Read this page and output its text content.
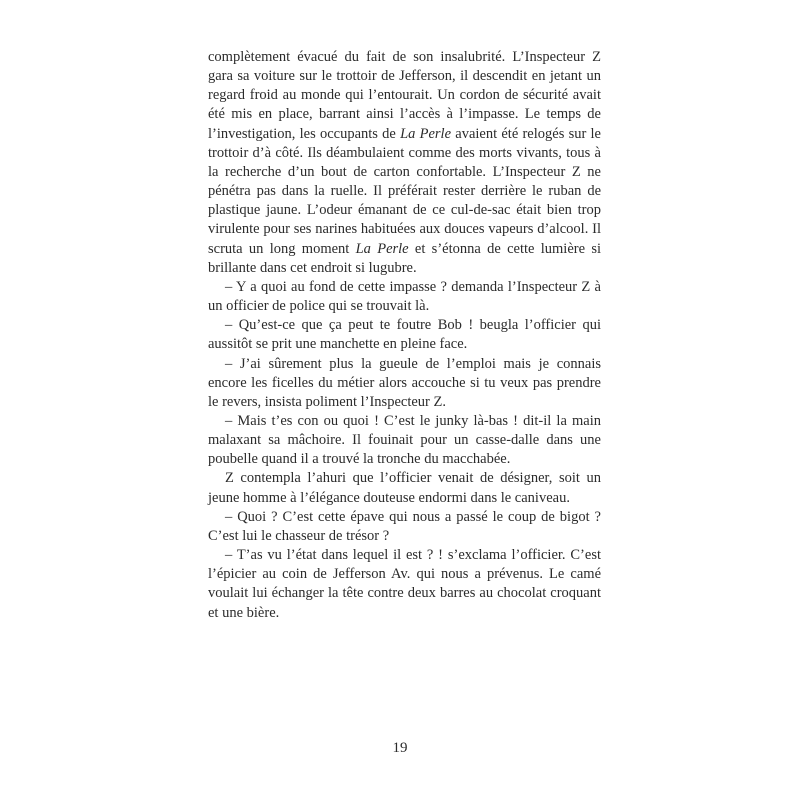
complètement évacué du fait de son insalubrité. L’Inspecteur Z gara sa voiture sur le trottoir de Jefferson, il descendit en jetant un regard froid au monde qui l’entourait. Un cordon de sécurité avait été mis en place, barrant ainsi l’accès à l’impasse. Le temps de l’investigation, les occupants de La Perle avaient été relogés sur le trottoir d’à côté. Ils déambulaient comme des morts vivants, tous à la recherche d’un bout de carton confortable. L’Inspecteur Z ne pénétra pas dans la ruelle. Il préférait rester derrière le ruban de plastique jaune. L’odeur émanant de ce cul-de-sac était bien trop virulente pour ses narines habituées aux douces vapeurs d’alcool. Il scruta un long moment La Perle et s’étonna de cette lumière si brillante dans cet endroit si lugubre.

– Y a quoi au fond de cette impasse ? demanda l’Inspecteur Z à un officier de police qui se trouvait là.

– Qu’est-ce que ça peut te foutre Bob ! beugla l’officier qui aussitôt se prit une manchette en pleine face.

– J’ai sûrement plus la gueule de l’emploi mais je connais encore les ficelles du métier alors accouche si tu veux pas prendre le revers, insista poliment l’Inspecteur Z.

– Mais t’es con ou quoi ! C’est le junky là-bas ! dit-il la main malaxant sa mâchoire. Il fouinait pour un casse-dalle dans une poubelle quand il a trouvé la tronche du macchabée.

Z contempla l’ahuri que l’officier venait de désigner, soit un jeune homme à l’élégance douteuse endormi dans le caniveau.

– Quoi ? C’est cette épave qui nous a passé le coup de bigot ? C’est lui le chasseur de trésor ?

– T’as vu l’état dans lequel il est ? ! s’exclama l’officier. C’est l’épicier au coin de Jefferson Av. qui nous a prévenus. Le camé voulait lui échanger la tête contre deux barres au chocolat croquant et une bière.

19
